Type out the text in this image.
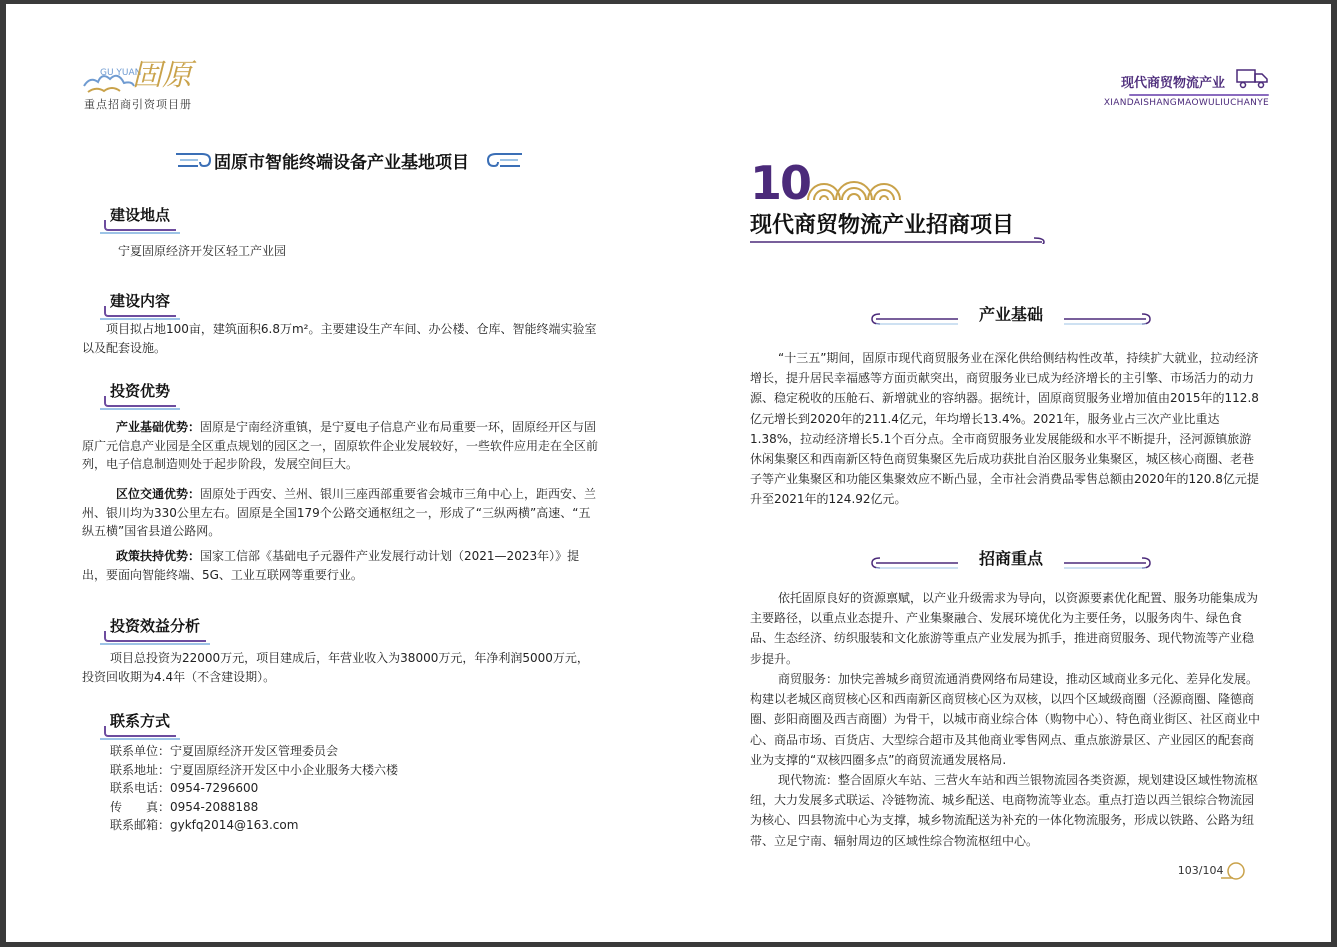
GU YUAN
固原
重点招商引资项目册
固原市智能终端设备产业基地项目
建设地点
宁夏固原经济开发区轻工产业园
建设内容
项目拟占地100亩，建筑面积6.8万m²。主要建设生产车间、办公楼、仓库、智能终端实验室以及配套设施。
投资优势
产业基础优势：固原是宁南经济重镇，是宁夏电子信息产业布局重要一环，固原经开区与固原广元信息产业园是全区重点规划的园区之一，固原软件企业发展较好，一些软件应用走在全区前列，电子信息制造则处于起步阶段，发展空间巨大。
区位交通优势：固原处于西安、兰州、银川三座西部重要省会城市三角中心上，距西安、兰州、银川均为330公里左右。固原是全国179个公路交通枢纽之一，形成了“三纵两横”高速、“五纵五横”国省县道公路网。
政策扶持优势：国家工信部《基础电子元器件产业发展行动计划（2021—2023年）》提出，要面向智能终端、5G、工业互联网等重要行业。
投资效益分析
项目总投资为22000万元，项目建成后，年营业收入为38000万元，年净利润5000万元，投资回收期为4.4年（不含建设期）。
联系方式
联系单位：宁夏固原经济开发区管理委员会
联系地址：宁夏固原经济开发区中小企业服务大楼六楼
联系电话：0954-7296600
传　　真：0954-2088188
联系邮箱：gykfq2014@163.com
现代商贸物流产业
XIANDAISHANGMAOWULIUCHANYE
10
现代商贸物流产业招商项目
产业基础
“十三五”期间，固原市现代商贸服务业在深化供给侧结构性改革，持续扩大就业，拉动经济增长，提升居民幸福感等方面贡献突出，商贸服务业已成为经济增长的主引擎、市场活力的动力源、稳定税收的压舱石、新增就业的容纳器。据统计，固原商贸服务业增加值由2015年的112.8亿元增长到2020年的211.4亿元，年均增长13.4%。2021年，服务业占三次产业比重达1.38%，拉动经济增长5.1个百分点。全市商贸服务业发展能级和水平不断提升，泾河源镇旅游休闲集聚区和西南新区特色商贸集聚区先后成功获批自治区服务业集聚区，城区核心商圈、老巷子等产业集聚区和功能区集聚效应不断凸显，全市社会消费品零售总额由2020年的120.8亿元提升至2021年的124.92亿元。
招商重点
依托固原良好的资源禀赋，以产业升级需求为导向，以资源要素优化配置、服务功能集成为主要路径，以重点业态提升、产业集聚融合、发展环境优化为主要任务，以服务肉牛、绿色食品、生态经济、纺织服装和文化旅游等重点产业发展为抓手，推进商贸服务、现代物流等产业稳步提升。
商贸服务：加快完善城乡商贸流通消费网络布局建设，推动区域商业多元化、差异化发展。构建以老城区商贸核心区和西南新区商贸核心区为双核，以四个区域级商圈（泾源商圈、隆德商圈、彭阳商圈及西吉商圈）为骨干，以城市商业综合体（购物中心）、特色商业街区、社区商业中心、商品市场、百货店、大型综合超市及其他商业零售网点、重点旅游景区、产业园区的配套商业为支撑的“双核四圈多点”的商贸流通发展格局.
现代物流：整合固原火车站、三营火车站和西兰银物流园各类资源，规划建设区域性物流枢纽，大力发展多式联运、冷链物流、城乡配送、电商物流等业态。重点打造以西兰银综合物流园为核心、四县物流中心为支撑，城乡物流配送为补充的一体化物流服务，形成以铁路、公路为纽带、立足宁南、辐射周边的区域性综合物流枢纽中心。
103/104
